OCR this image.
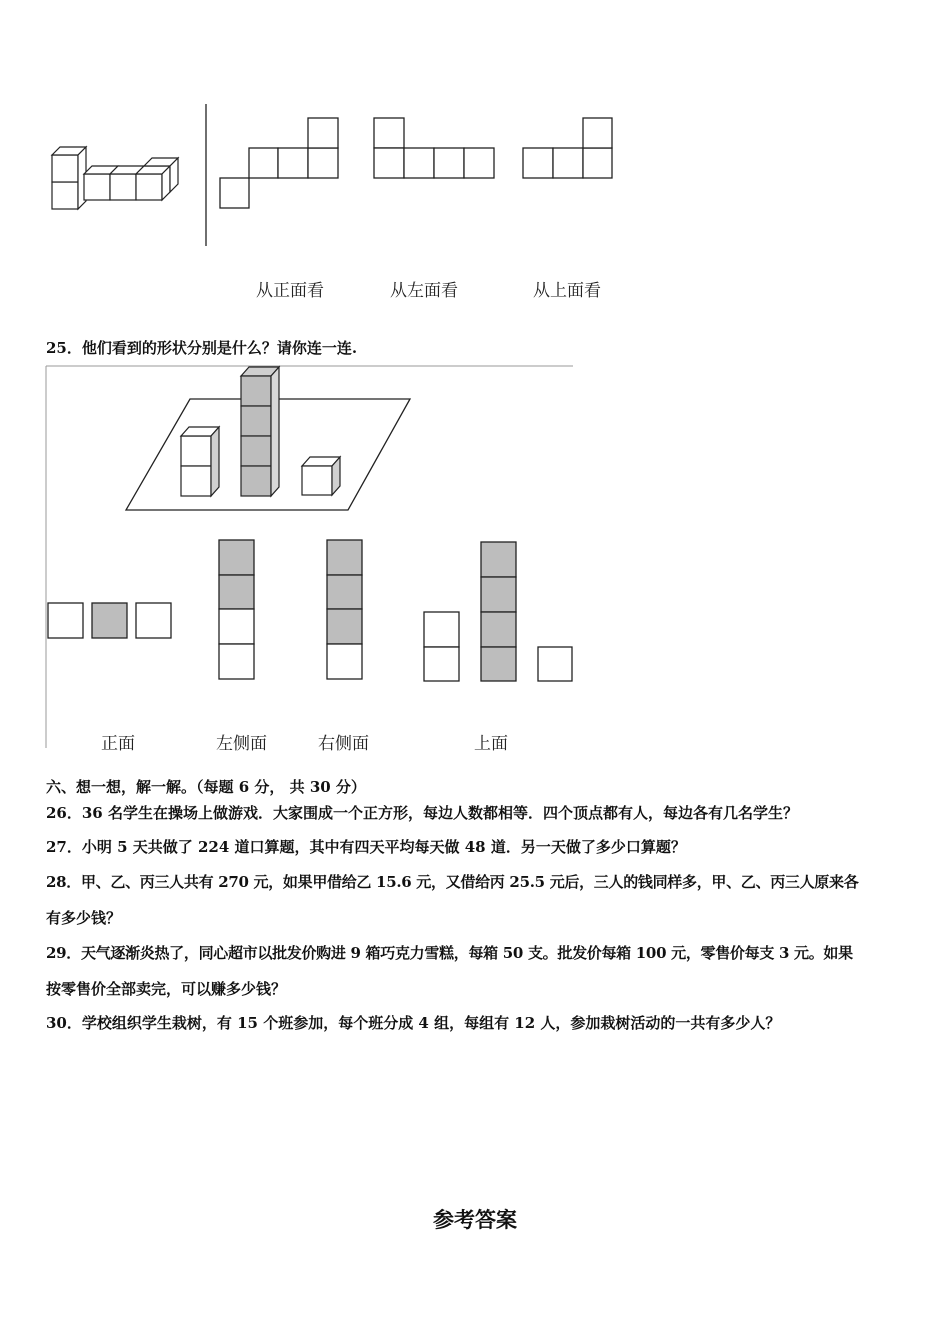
从正面看	从左面看	从上面看
25．他们看到的形状分别是什么？请你连一连.
正面	左侧面	右侧面	上面
六、想一想，解一解。（每题 6 分， 共 30 分）
26．36 名学生在操场上做游戏．大家围成一个正方形，每边人数都相等．四个顶点都有人，每边各有几名学生？
27．小明 5 天共做了 224 道口算题，其中有四天平均每天做 48 道．另一天做了多少口算题？
28．甲、乙、丙三人共有 270 元，如果甲借给乙 15.6 元，又借给丙 25.5 元后，三人的钱同样多，甲、乙、丙三人原来各
有多少钱？
29．天气逐渐炎热了，同心超市以批发价购进 9 箱巧克力雪糕，每箱 50 支。批发价每箱 100 元，零售价每支 3 元。如果
按零售价全部卖完，可以赚多少钱？
30．学校组织学生栽树，有 15 个班参加，每个班分成 4 组，每组有 12 人，参加栽树活动的一共有多少人？
参考答案
